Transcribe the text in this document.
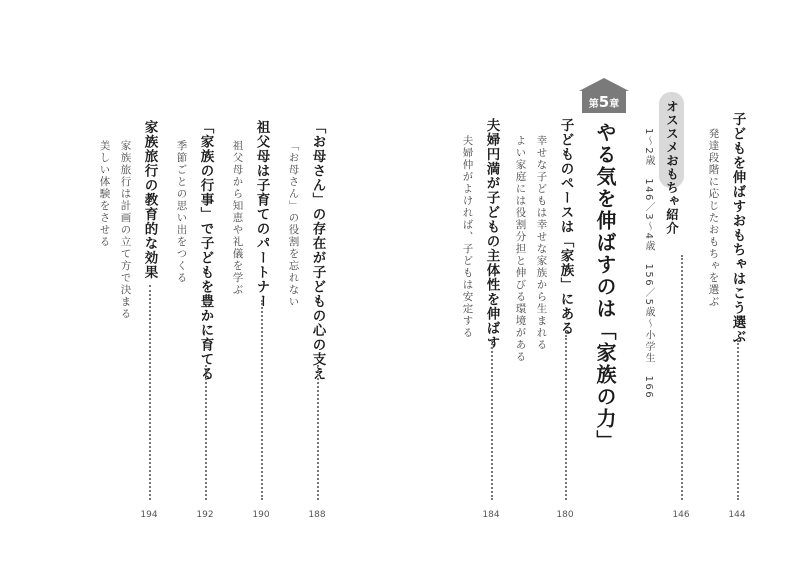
子どもを伸ばすおもちゃはこう選ぶ
発達段階に応じたおもちゃを選ぶ
144
オススメおもちゃ紹介
1〜2歳　146／3〜4歳　156／5歳〜小学生　166
146
第5章
やる気を伸ばすのは「家族の力」
子どものペースは「家族」にある
幸せな子どもは幸せな家族から生まれる
よい家庭には役割分担と伸びる環境がある
180
夫婦円満が子どもの主体性を伸ばす
夫婦仲がよければ、子どもは安定する
184
「お母さん」の存在が子どもの心の支え
「お母さん」の役割を忘れない
188
祖父母は子育てのパートナー
祖父母から知恵や礼儀を学ぶ
190
「家族の行事」で子どもを豊かに育てる
季節ごとの思い出をつくる
192
家族旅行の教育的な効果
家族旅行は計画の立て方で決まる
美しい体験をさせる
194
